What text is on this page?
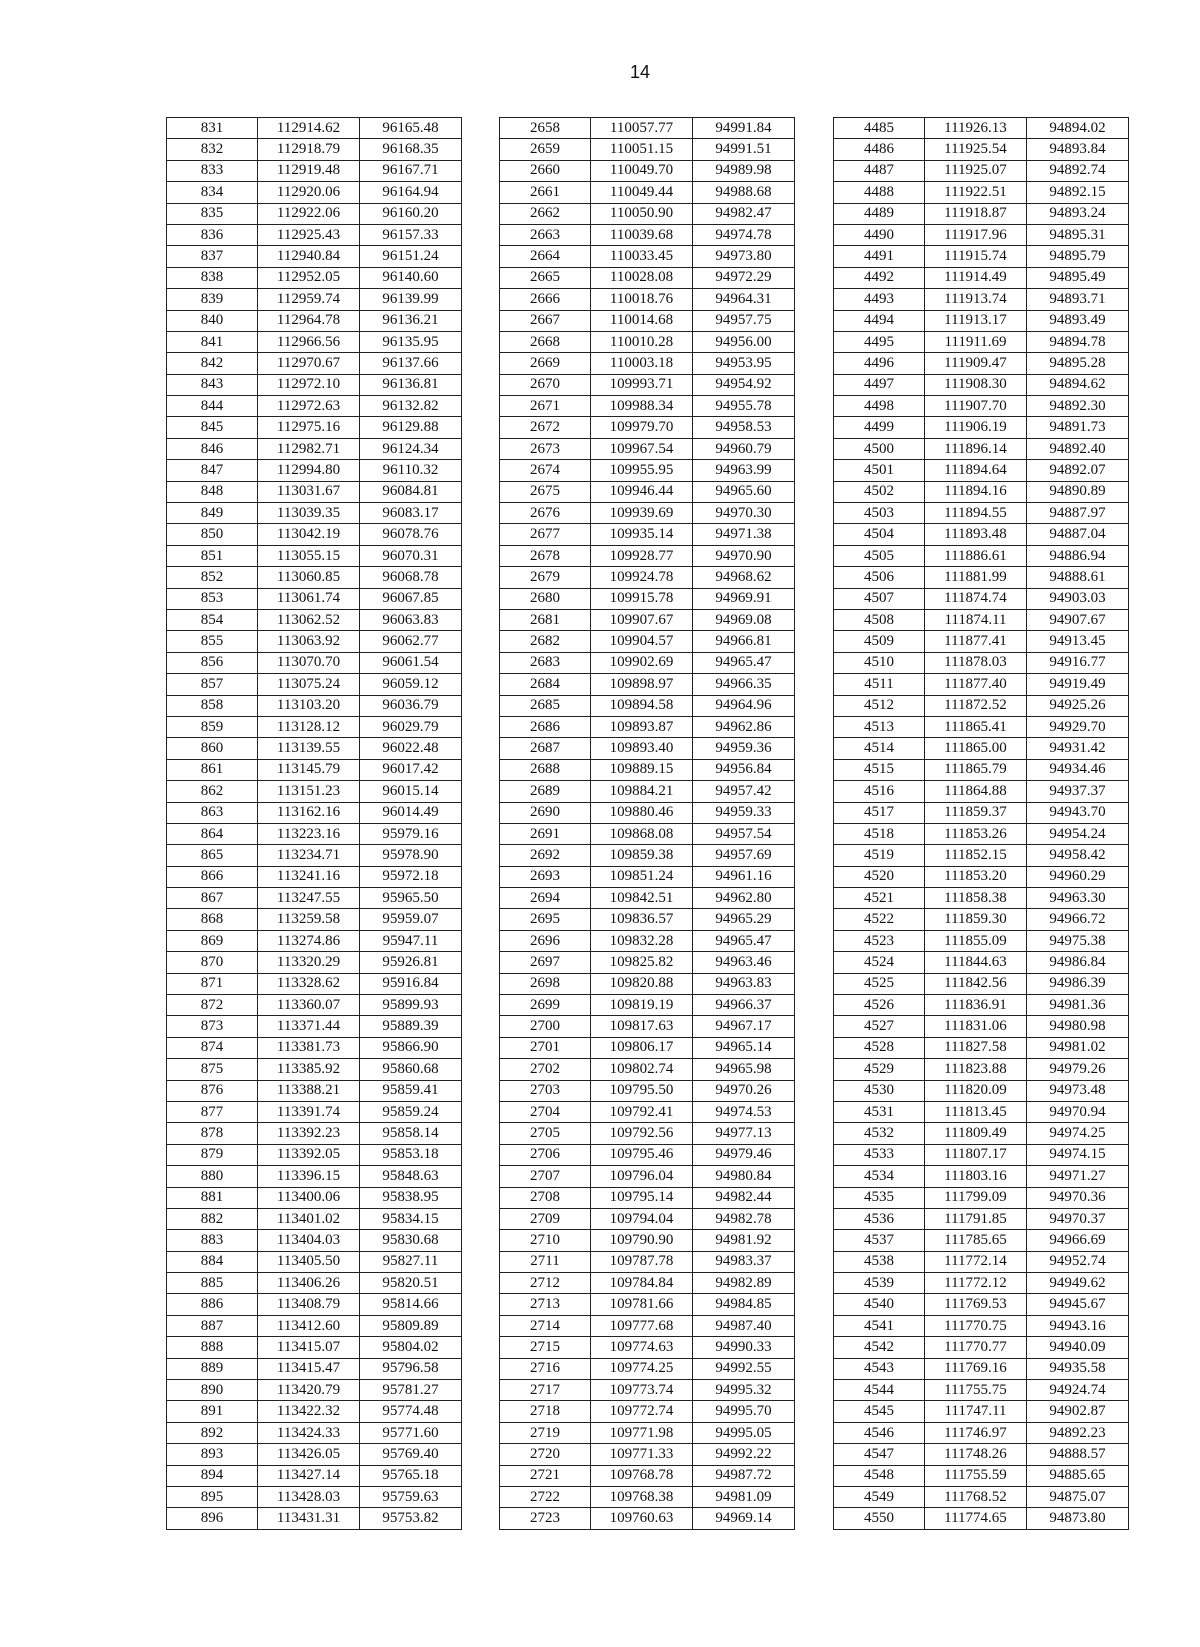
14
831	112914.62	96165.48
832	112918.79	96168.35
833	112919.48	96167.71
834	112920.06	96164.94
835	112922.06	96160.20
836	112925.43	96157.33
837	112940.84	96151.24
838	112952.05	96140.60
839	112959.74	96139.99
840	112964.78	96136.21
841	112966.56	96135.95
842	112970.67	96137.66
843	112972.10	96136.81
844	112972.63	96132.82
845	112975.16	96129.88
846	112982.71	96124.34
847	112994.80	96110.32
848	113031.67	96084.81
849	113039.35	96083.17
850	113042.19	96078.76
851	113055.15	96070.31
852	113060.85	96068.78
853	113061.74	96067.85
854	113062.52	96063.83
855	113063.92	96062.77
856	113070.70	96061.54
857	113075.24	96059.12
858	113103.20	96036.79
859	113128.12	96029.79
860	113139.55	96022.48
861	113145.79	96017.42
862	113151.23	96015.14
863	113162.16	96014.49
864	113223.16	95979.16
865	113234.71	95978.90
866	113241.16	95972.18
867	113247.55	95965.50
868	113259.58	95959.07
869	113274.86	95947.11
870	113320.29	95926.81
871	113328.62	95916.84
872	113360.07	95899.93
873	113371.44	95889.39
874	113381.73	95866.90
875	113385.92	95860.68
876	113388.21	95859.41
877	113391.74	95859.24
878	113392.23	95858.14
879	113392.05	95853.18
880	113396.15	95848.63
881	113400.06	95838.95
882	113401.02	95834.15
883	113404.03	95830.68
884	113405.50	95827.11
885	113406.26	95820.51
886	113408.79	95814.66
887	113412.60	95809.89
888	113415.07	95804.02
889	113415.47	95796.58
890	113420.79	95781.27
891	113422.32	95774.48
892	113424.33	95771.60
893	113426.05	95769.40
894	113427.14	95765.18
895	113428.03	95759.63
896	113431.31	95753.82
2658	110057.77	94991.84
2659	110051.15	94991.51
2660	110049.70	94989.98
2661	110049.44	94988.68
2662	110050.90	94982.47
2663	110039.68	94974.78
2664	110033.45	94973.80
2665	110028.08	94972.29
2666	110018.76	94964.31
2667	110014.68	94957.75
2668	110010.28	94956.00
2669	110003.18	94953.95
2670	109993.71	94954.92
2671	109988.34	94955.78
2672	109979.70	94958.53
2673	109967.54	94960.79
2674	109955.95	94963.99
2675	109946.44	94965.60
2676	109939.69	94970.30
2677	109935.14	94971.38
2678	109928.77	94970.90
2679	109924.78	94968.62
2680	109915.78	94969.91
2681	109907.67	94969.08
2682	109904.57	94966.81
2683	109902.69	94965.47
2684	109898.97	94966.35
2685	109894.58	94964.96
2686	109893.87	94962.86
2687	109893.40	94959.36
2688	109889.15	94956.84
2689	109884.21	94957.42
2690	109880.46	94959.33
2691	109868.08	94957.54
2692	109859.38	94957.69
2693	109851.24	94961.16
2694	109842.51	94962.80
2695	109836.57	94965.29
2696	109832.28	94965.47
2697	109825.82	94963.46
2698	109820.88	94963.83
2699	109819.19	94966.37
2700	109817.63	94967.17
2701	109806.17	94965.14
2702	109802.74	94965.98
2703	109795.50	94970.26
2704	109792.41	94974.53
2705	109792.56	94977.13
2706	109795.46	94979.46
2707	109796.04	94980.84
2708	109795.14	94982.44
2709	109794.04	94982.78
2710	109790.90	94981.92
2711	109787.78	94983.37
2712	109784.84	94982.89
2713	109781.66	94984.85
2714	109777.68	94987.40
2715	109774.63	94990.33
2716	109774.25	94992.55
2717	109773.74	94995.32
2718	109772.74	94995.70
2719	109771.98	94995.05
2720	109771.33	94992.22
2721	109768.78	94987.72
2722	109768.38	94981.09
2723	109760.63	94969.14
4485	111926.13	94894.02
4486	111925.54	94893.84
4487	111925.07	94892.74
4488	111922.51	94892.15
4489	111918.87	94893.24
4490	111917.96	94895.31
4491	111915.74	94895.79
4492	111914.49	94895.49
4493	111913.74	94893.71
4494	111913.17	94893.49
4495	111911.69	94894.78
4496	111909.47	94895.28
4497	111908.30	94894.62
4498	111907.70	94892.30
4499	111906.19	94891.73
4500	111896.14	94892.40
4501	111894.64	94892.07
4502	111894.16	94890.89
4503	111894.55	94887.97
4504	111893.48	94887.04
4505	111886.61	94886.94
4506	111881.99	94888.61
4507	111874.74	94903.03
4508	111874.11	94907.67
4509	111877.41	94913.45
4510	111878.03	94916.77
4511	111877.40	94919.49
4512	111872.52	94925.26
4513	111865.41	94929.70
4514	111865.00	94931.42
4515	111865.79	94934.46
4516	111864.88	94937.37
4517	111859.37	94943.70
4518	111853.26	94954.24
4519	111852.15	94958.42
4520	111853.20	94960.29
4521	111858.38	94963.30
4522	111859.30	94966.72
4523	111855.09	94975.38
4524	111844.63	94986.84
4525	111842.56	94986.39
4526	111836.91	94981.36
4527	111831.06	94980.98
4528	111827.58	94981.02
4529	111823.88	94979.26
4530	111820.09	94973.48
4531	111813.45	94970.94
4532	111809.49	94974.25
4533	111807.17	94974.15
4534	111803.16	94971.27
4535	111799.09	94970.36
4536	111791.85	94970.37
4537	111785.65	94966.69
4538	111772.14	94952.74
4539	111772.12	94949.62
4540	111769.53	94945.67
4541	111770.75	94943.16
4542	111770.77	94940.09
4543	111769.16	94935.58
4544	111755.75	94924.74
4545	111747.11	94902.87
4546	111746.97	94892.23
4547	111748.26	94888.57
4548	111755.59	94885.65
4549	111768.52	94875.07
4550	111774.65	94873.80
